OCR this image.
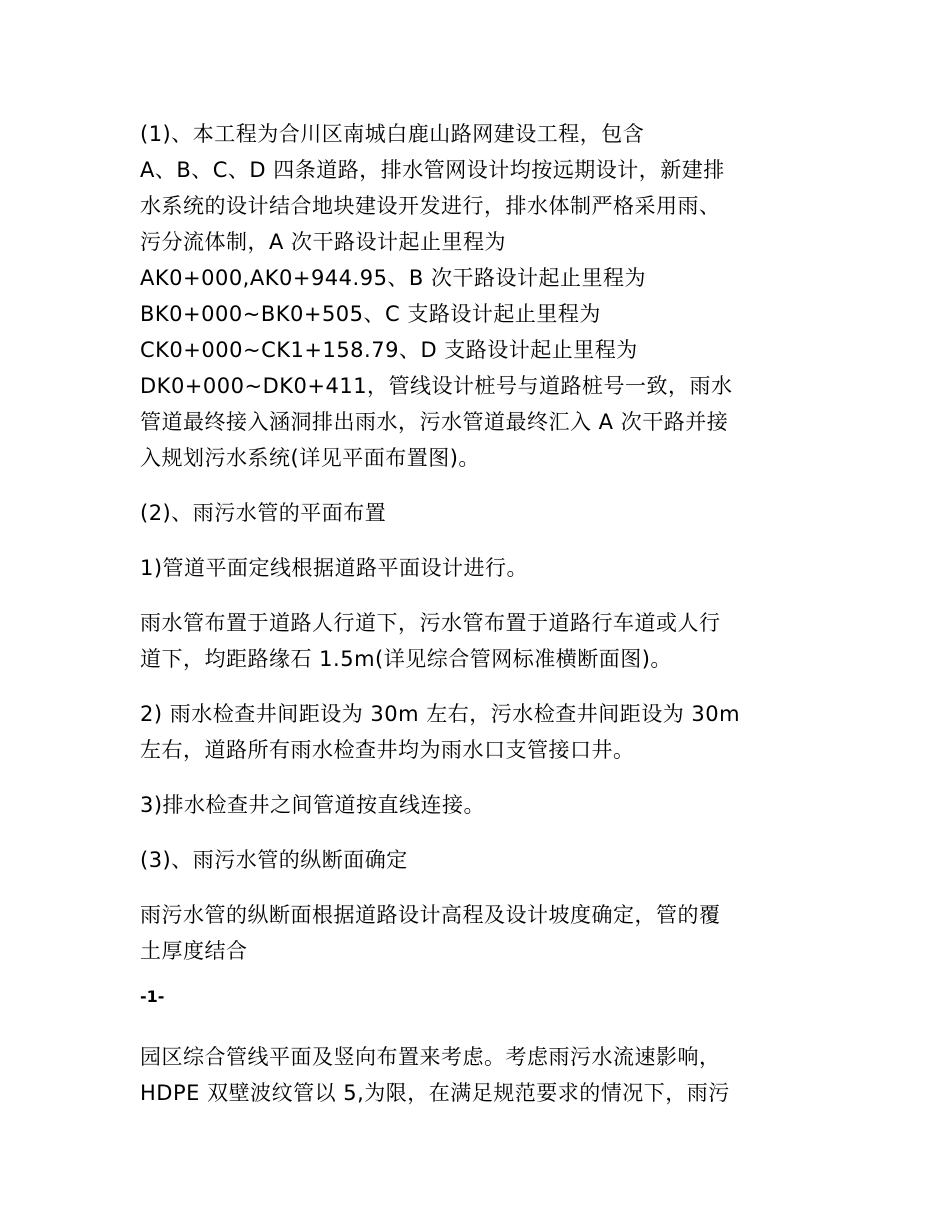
(1)、本工程为合川区南城白鹿山路网建设工程，包含
A、B、C、D 四条道路，排水管网设计均按远期设计，新建排
水系统的设计结合地块建设开发进行，排水体制严格采用雨、
污分流体制，A 次干路设计起止里程为
AK0+000,AK0+944.95、B 次干路设计起止里程为
BK0+000~BK0+505、C 支路设计起止里程为
CK0+000~CK1+158.79、D 支路设计起止里程为
DK0+000~DK0+411，管线设计桩号与道路桩号一致，雨水
管道最终接入涵洞排出雨水，污水管道最终汇入 A 次干路并接
入规划污水系统(详见平面布置图)。
(2)、雨污水管的平面布置
1)管道平面定线根据道路平面设计进行。
雨水管布置于道路人行道下，污水管布置于道路行车道或人行
道下，均距路缘石 1.5m(详见综合管网标准横断面图)。
2) 雨水检查井间距设为 30m 左右，污水检查井间距设为 30m
左右，道路所有雨水检查井均为雨水口支管接口井。
3)排水检查井之间管道按直线连接。
(3)、雨污水管的纵断面确定
雨污水管的纵断面根据道路设计高程及设计坡度确定，管的覆
土厚度结合
-1-
园区综合管线平面及竖向布置来考虑。考虑雨污水流速影响，
HDPE 双壁波纹管以 5,为限，在满足规范要求的情况下，雨污
